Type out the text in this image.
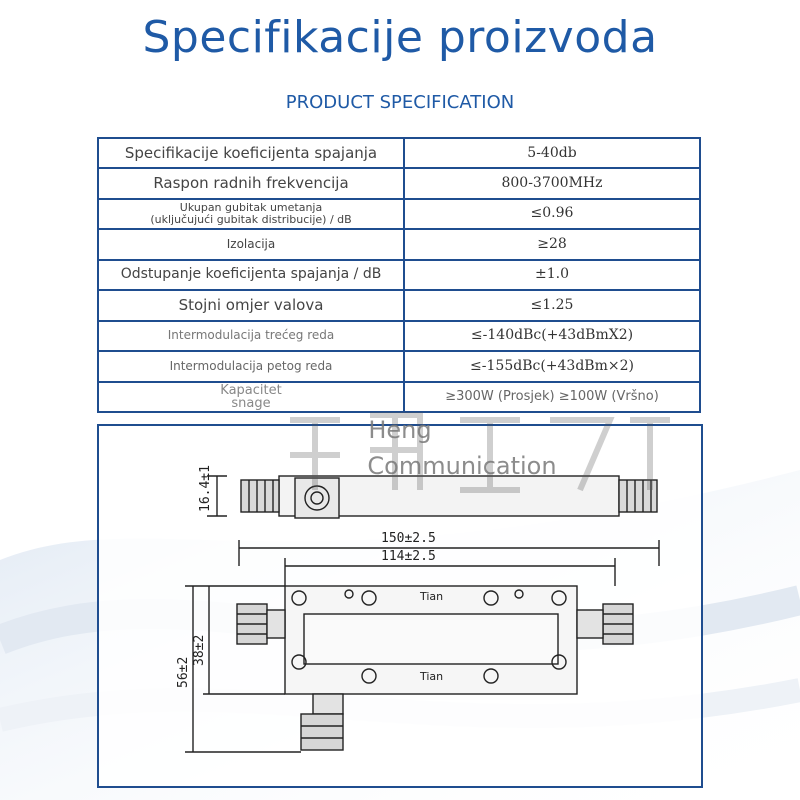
Specifikacije proizvoda
PRODUCT SPECIFICATION
Specifikacije koeficijenta spajanja	5-40db
Raspon radnih frekvencija	800-3700MHz
Ukupan gubitak umetanja
(uključujući gubitak distribucije) / dB	≤0.96
Izolacija	≥28
Odstupanje koeficijenta spajanja / dB	±1.0
Stojni omjer valova	≤1.25
Intermodulacija trećeg reda	≤-140dBc(+43dBmX2)
Intermodulacija petog reda	≤-155dBc(+43dBm×2)
Kapacitet
snage	≥300W (Prosjek) ≥100W (Vršno)
16.4±1
150±2.5
114±2.5
38±2
56±2
Tian
Tian
Heng
Communication
